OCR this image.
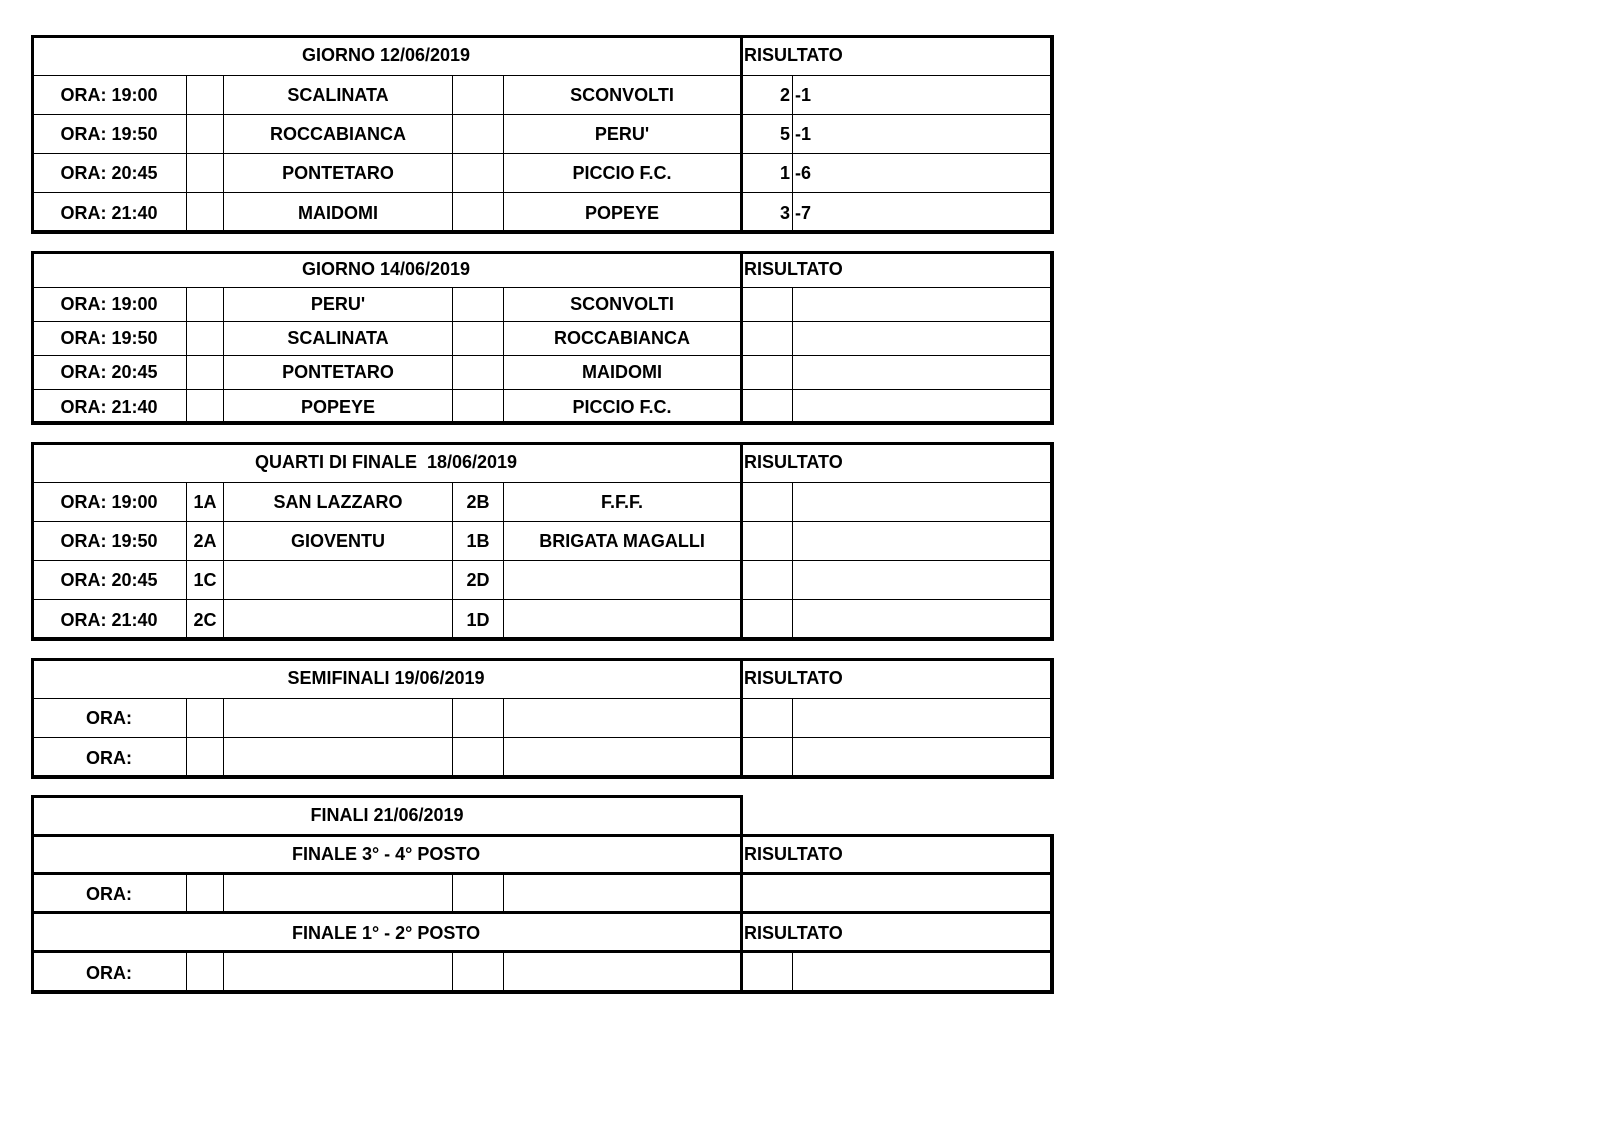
GIORNO 12/06/2019					RISULTATO	
ORA: 19:00		SCALINATA		SCONVOLTI	2	-1
ORA: 19:50		ROCCABIANCA		PERU'	5	-1
ORA: 20:45		PONTETARO		PICCIO F.C.	1	-6
ORA: 21:40		MAIDOMI		POPEYE	3	-7
GIORNO 14/06/2019					RISULTATO	
ORA: 19:00		PERU'		SCONVOLTI		
ORA: 19:50		SCALINATA		ROCCABIANCA		
ORA: 20:45		PONTETARO		MAIDOMI		
ORA: 21:40		POPEYE		PICCIO F.C.		
QUARTI DI FINALE  18/06/2019					RISULTATO	
ORA: 19:00	1A	SAN LAZZARO	2B	F.F.F.		
ORA: 19:50	2A	GIOVENTU	1B	BRIGATA MAGALLI		
ORA: 20:45	1C		2D			
ORA: 21:40	2C		1D			
SEMIFINALI 19/06/2019					RISULTATO	
ORA:						
ORA:						
FINALI 21/06/2019
FINALE 3° - 4° POSTO					RISULTATO	
ORA:						
FINALE 1° - 2° POSTO					RISULTATO	
ORA:						
